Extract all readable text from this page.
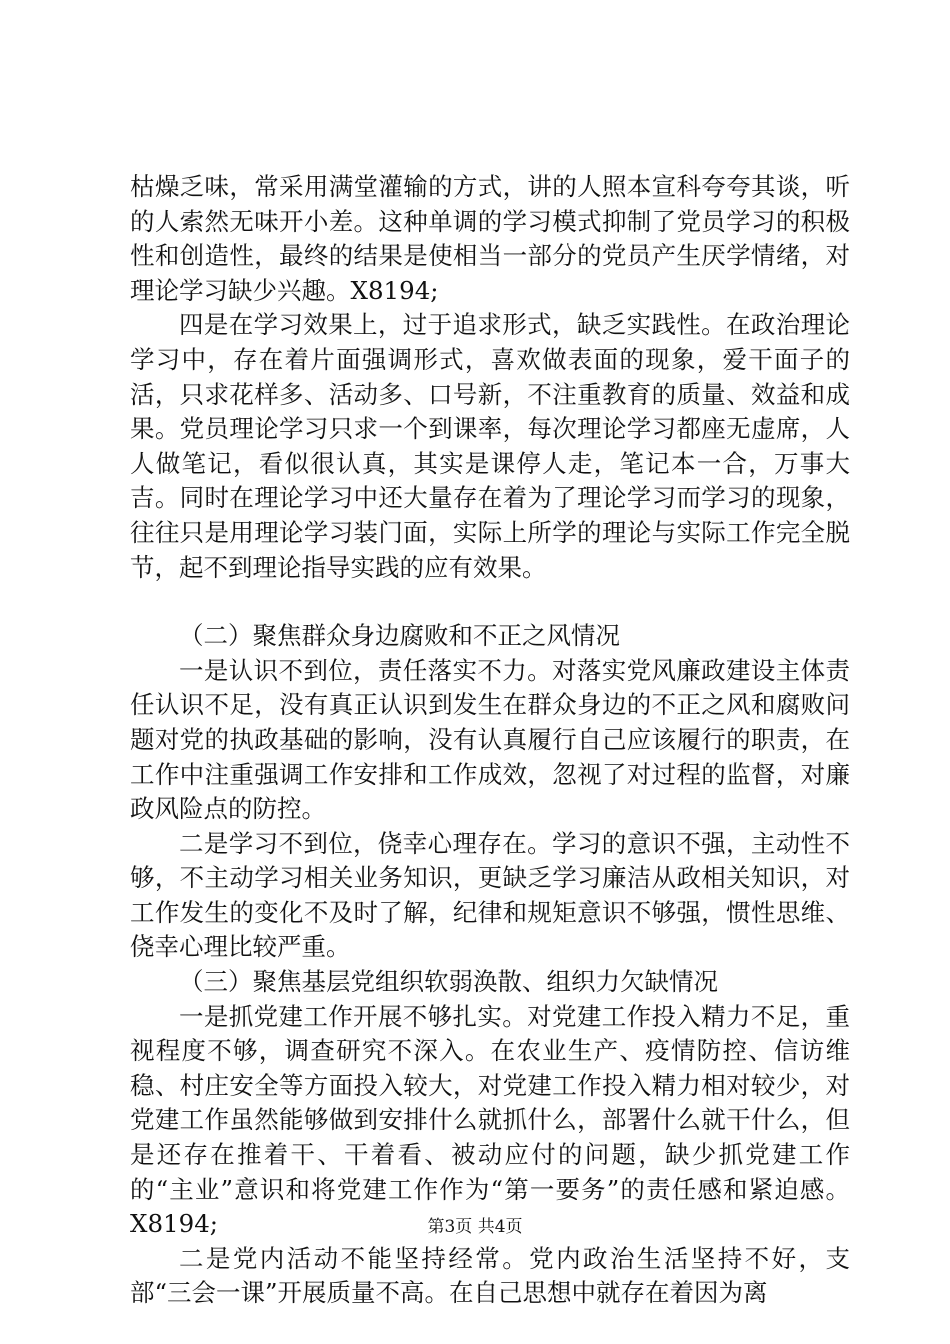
枯燥乏味，常采用满堂灌输的方式，讲的人照本宣科夸夸其谈，听的人索然无味开小差。这种单调的学习模式抑制了党员学习的积极性和创造性，最终的结果是使相当一部分的党员产生厌学情绪，对理论学习缺少兴趣。X8194;

四是在学习效果上，过于追求形式，缺乏实践性。在政治理论学习中，存在着片面强调形式，喜欢做表面的现象，爱干面子的活，只求花样多、活动多、口号新，不注重教育的质量、效益和成果。党员理论学习只求一个到课率，每次理论学习都座无虚席，人人做笔记，看似很认真，其实是课停人走，笔记本一合，万事大吉。同时在理论学习中还大量存在着为了理论学习而学习的现象，往往只是用理论学习装门面，实际上所学的理论与实际工作完全脱节，起不到理论指导实践的应有效果。

（二）聚焦群众身边腐败和不正之风情况

一是认识不到位，责任落实不力。对落实党风廉政建设主体责任认识不足，没有真正认识到发生在群众身边的不正之风和腐败问题对党的执政基础的影响，没有认真履行自己应该履行的职责，在工作中注重强调工作安排和工作成效，忽视了对过程的监督，对廉政风险点的防控。

二是学习不到位，侥幸心理存在。学习的意识不强，主动性不够，不主动学习相关业务知识，更缺乏学习廉洁从政相关知识，对工作发生的变化不及时了解，纪律和规矩意识不够强，惯性思维、侥幸心理比较严重。

（三）聚焦基层党组织软弱涣散、组织力欠缺情况

一是抓党建工作开展不够扎实。对党建工作投入精力不足，重视程度不够，调查研究不深入。在农业生产、疫情防控、信访维稳、村庄安全等方面投入较大，对党建工作投入精力相对较少，对党建工作虽然能够做到安排什么就抓什么，部署什么就干什么，但是还存在推着干、干着看、被动应付的问题，缺少抓党建工作的“主业”意识和将党建工作作为“第一要务”的责任感和紧迫感。X8194;

二是党内活动不能坚持经常。党内政治生活坚持不好，支部“三会一课”开展质量不高。在自己思想中就存在着因为离

第3页 共4页
